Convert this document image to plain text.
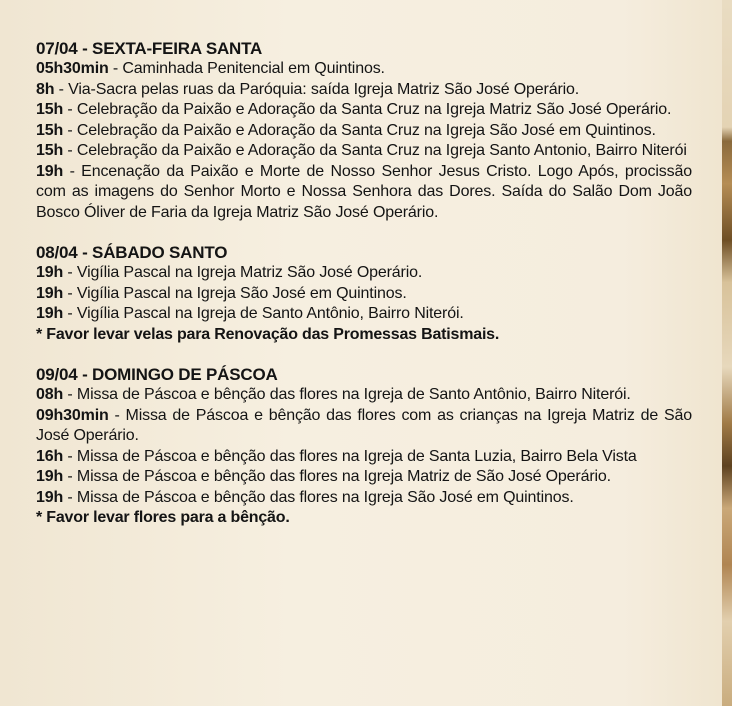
07/04 - SEXTA-FEIRA SANTA
05h30min - Caminhada Penitencial em Quintinos.
8h - Via-Sacra pelas ruas da Paróquia: saída Igreja Matriz São José Operário.
15h - Celebração da Paixão e Adoração da Santa Cruz na Igreja Matriz São José Operário.
15h - Celebração da Paixão e Adoração da Santa Cruz na Igreja São José em Quintinos.
15h - Celebração da Paixão e Adoração da Santa Cruz na Igreja Santo Antonio, Bairro Niterói
19h - Encenação da Paixão e Morte de Nosso Senhor Jesus Cristo. Logo Após, procissão com as imagens do Senhor Morto e Nossa Senhora das Dores. Saída do Salão Dom João Bosco Óliver de Faria da Igreja Matriz São José Operário.
08/04 - SÁBADO SANTO
19h - Vigília Pascal na Igreja Matriz São José Operário.
19h - Vigília Pascal na Igreja São José em Quintinos.
19h - Vigília Pascal na Igreja de Santo Antônio, Bairro Niterói.
* Favor levar velas para Renovação das Promessas Batismais.
09/04 - DOMINGO DE PÁSCOA
08h - Missa de Páscoa e bênção das flores na Igreja de Santo Antônio, Bairro Niterói.
09h30min - Missa de Páscoa e bênção das flores com as crianças na Igreja Matriz de São José Operário.
16h - Missa de Páscoa e bênção das flores na Igreja de Santa Luzia, Bairro Bela Vista
19h - Missa de Páscoa e bênção das flores na Igreja Matriz de São José Operário.
19h - Missa de Páscoa e bênção das flores na Igreja São José em Quintinos.
* Favor levar flores para a bênção.
